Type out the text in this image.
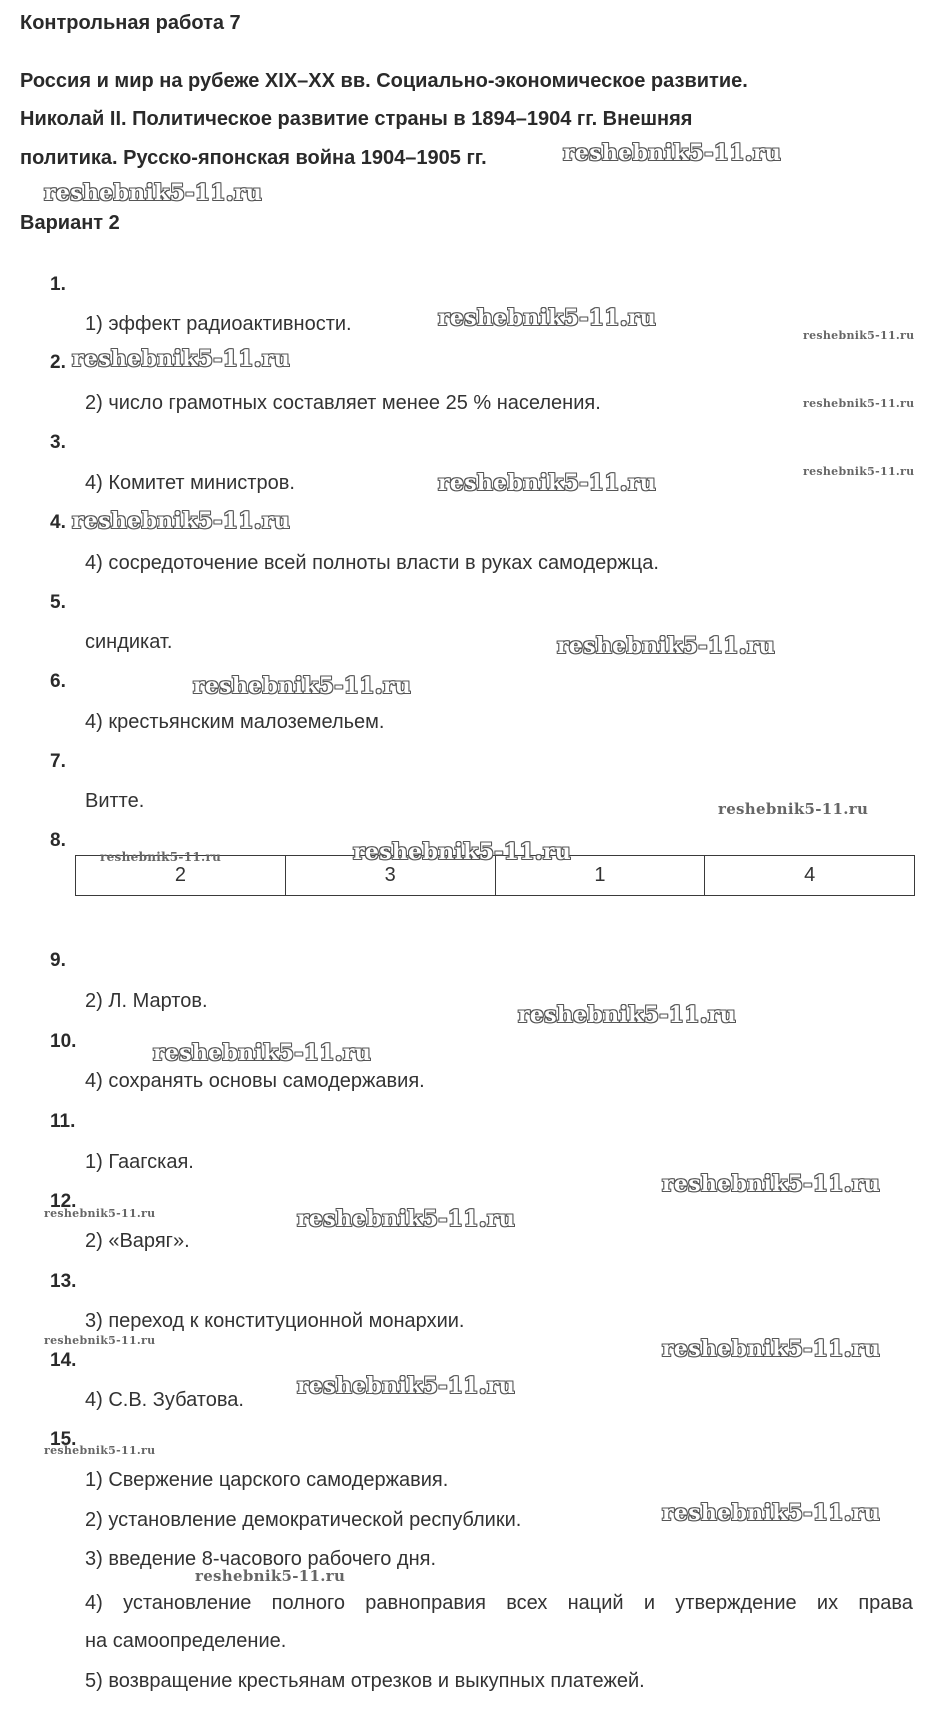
Контрольная работа 7
Россия и мир на рубеже XIX–XX вв. Социально-экономическое развитие.
Николай II. Политическое развитие страны в 1894–1904 гг. Внешняя
политика. Русско-японская война 1904–1905 гг.
Вариант 2
1.
2.
3.
4.
5.
6.
7.
8.
9.
10.
11.
12.
13.
14.
15.
1) эффект радиоактивности.
2) число грамотных составляет менее 25 % населения.
4) Комитет министров.
4) сосредоточение всей полноты власти в руках самодержца.
синдикат.
4) крестьянским малоземельем.
Витте.
2	3	1	4
2) Л. Мартов.
4) сохранять основы самодержавия.
1) Гаагская.
2) «Варяг».
3) переход к конституционной монархии.
4) С.В. Зубатова.
1) Свержение царского самодержавия.
2) установление демократической республики.
3) введение 8-часового рабочего дня.
4) установление полного равноправия всех наций и утверждение их права
на самоопределение.
5) возвращение крестьянам отрезков и выкупных платежей.
reshebnik5-11.ru
reshebnik5-11.ru
reshebnik5-11.ru
reshebnik5-11.ru
reshebnik5-11.ru
reshebnik5-11.ru
reshebnik5-11.ru
reshebnik5-11.ru
reshebnik5-11.ru
reshebnik5-11.ru
reshebnik5-11.ru
reshebnik5-11.ru
reshebnik5-11.ru	reshebnik5-11.ru
reshebnik5-11.ru
reshebnik5-11.ru
reshebnik5-11.ru
reshebnik5-11.ru	reshebnik5-11.ru
reshebnik5-11.ru	reshebnik5-11.ru
reshebnik5-11.ru
reshebnik5-11.ru
reshebnik5-11.ru
reshebnik5-11.ru
